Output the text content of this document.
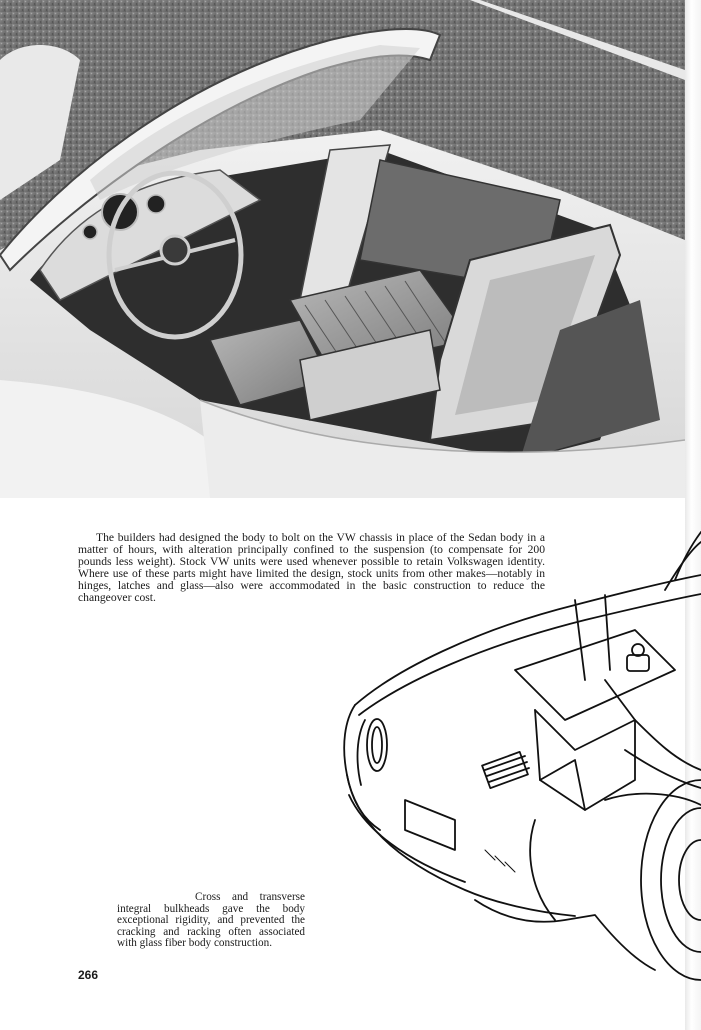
The builders had designed the body to bolt on the VW chassis in place of the Sedan body in a matter of hours, with alteration principally confined to the suspension (to compensate for 200 pounds less weight). Stock VW units were used whenever possible to retain Volkswagen identity. Where use of these parts might have limited the design, stock units from other makes—notably in hinges, latches and glass—also were accommodated in the basic construction to reduce the changeover cost.

Cross and transverse integral bulkheads gave the body exceptional rigidity, and prevented the cracking and racking often associated with glass fiber body construction.

266
